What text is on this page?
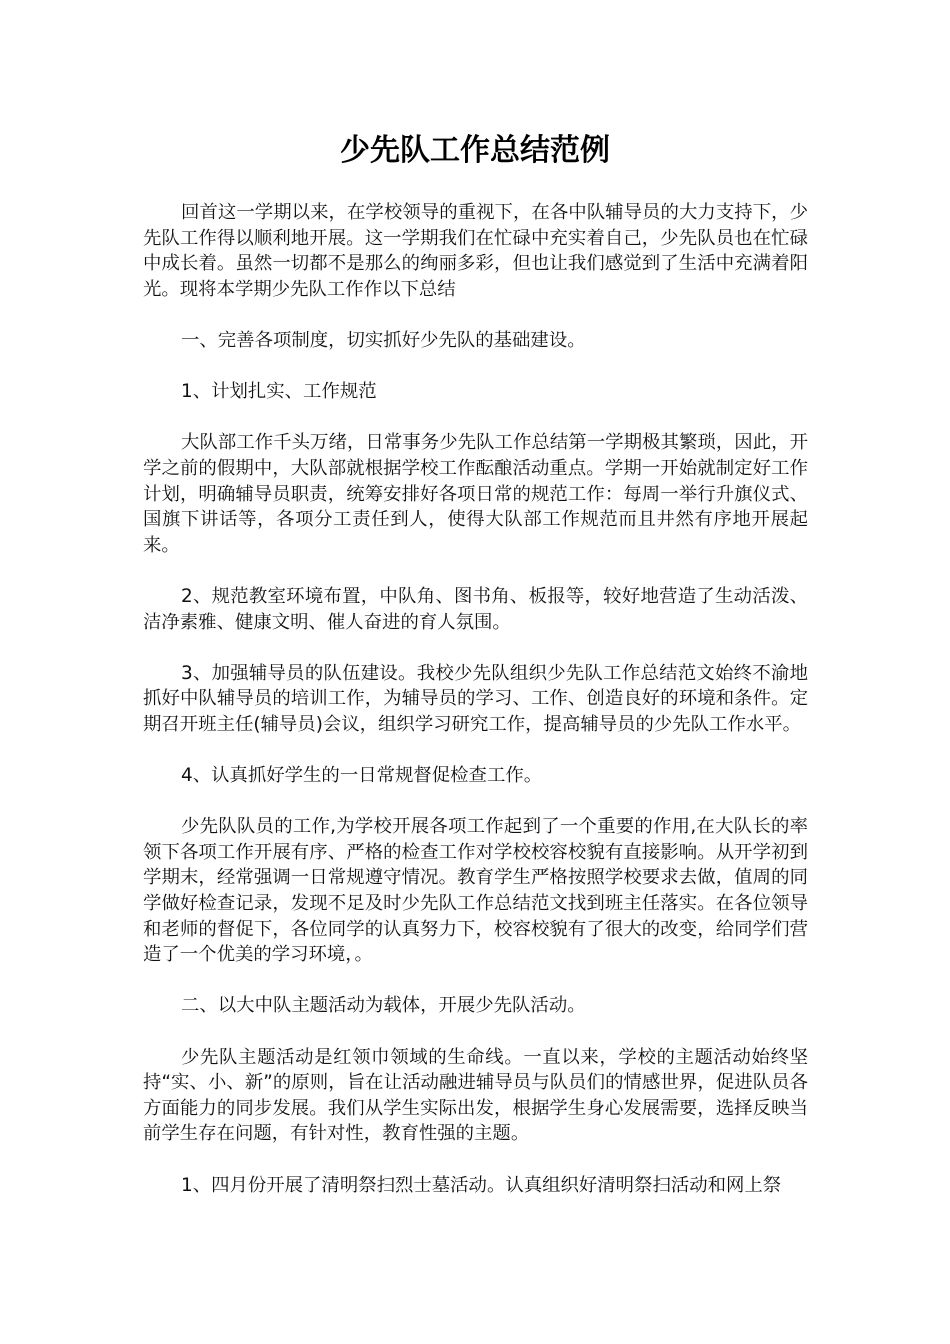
少先队工作总结范例

回首这一学期以来，在学校领导的重视下，在各中队辅导员的大力支持下，少先队工作得以顺利地开展。这一学期我们在忙碌中充实着自己，少先队员也在忙碌中成长着。虽然一切都不是那么的绚丽多彩，但也让我们感觉到了生活中充满着阳光。现将本学期少先队工作作以下总结

一、完善各项制度，切实抓好少先队的基础建设。

1、计划扎实、工作规范

大队部工作千头万绪，日常事务少先队工作总结第一学期极其繁琐，因此，开学之前的假期中，大队部就根据学校工作酝酿活动重点。学期一开始就制定好工作计划，明确辅导员职责，统筹安排好各项日常的规范工作：每周一举行升旗仪式、国旗下讲话等，各项分工责任到人，使得大队部工作规范而且井然有序地开展起来。

2、规范教室环境布置，中队角、图书角、板报等，较好地营造了生动活泼、洁净素雅、健康文明、催人奋进的育人氛围。

3、加强辅导员的队伍建设。我校少先队组织少先队工作总结范文始终不渝地抓好中队辅导员的培训工作，为辅导员的学习、工作、创造良好的环境和条件。定期召开班主任(辅导员)会议，组织学习研究工作，提高辅导员的少先队工作水平。

4、认真抓好学生的一日常规督促检查工作。

少先队队员的工作,为学校开展各项工作起到了一个重要的作用,在大队长的率领下各项工作开展有序、严格的检查工作对学校校容校貌有直接影响。从开学初到学期末，经常强调一日常规遵守情况。教育学生严格按照学校要求去做，值周的同学做好检查记录，发现不足及时少先队工作总结范文找到班主任落实。在各位领导和老师的督促下，各位同学的认真努力下，校容校貌有了很大的改变，给同学们营造了一个优美的学习环境，。

二、以大中队主题活动为载体，开展少先队活动。

少先队主题活动是红领巾领域的生命线。一直以来，学校的主题活动始终坚持“实、小、新”的原则，旨在让活动融进辅导员与队员们的情感世界，促进队员各方面能力的同步发展。我们从学生实际出发，根据学生身心发展需要，选择反映当前学生存在问题，有针对性，教育性强的主题。

1、四月份开展了清明祭扫烈士墓活动。认真组织好清明祭扫活动和网上祭
